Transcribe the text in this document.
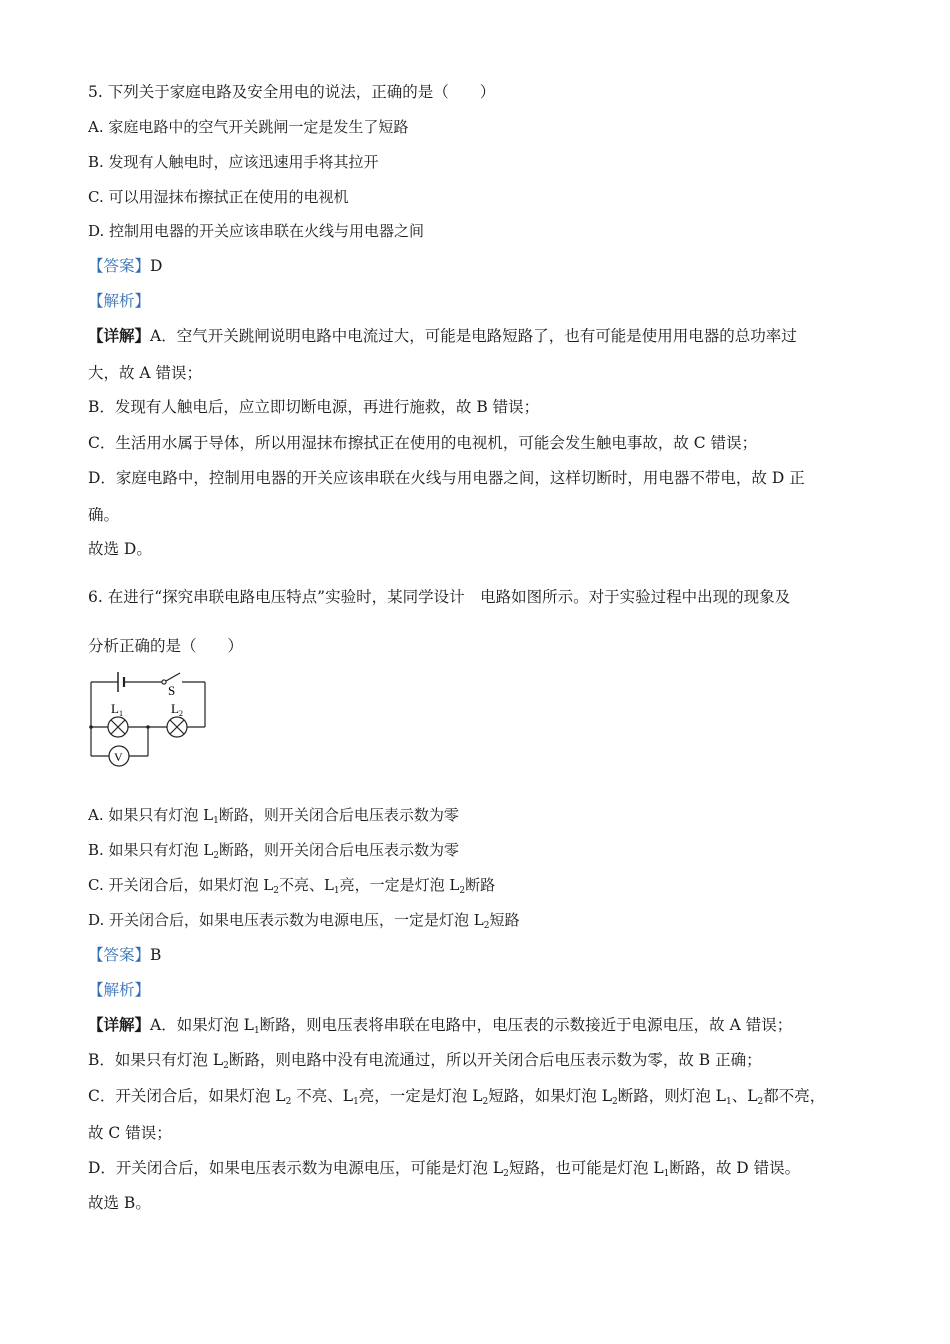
5. 下列关于家庭电路及安全用电的说法，正确的是（　　）
A. 家庭电路中的空气开关跳闸一定是发生了短路
B. 发现有人触电时，应该迅速用手将其拉开
C. 可以用湿抹布擦拭正在使用的电视机
D. 控制用电器的开关应该串联在火线与用电器之间
【答案】D
【解析】
【详解】A．空气开关跳闸说明电路中电流过大，可能是电路短路了，也有可能是使用用电器的总功率过
大，故 A 错误；
B．发现有人触电后，应立即切断电源，再进行施救，故 B 错误；
C．生活用水属于导体，所以用湿抹布擦拭正在使用的电视机，可能会发生触电事故，故 C 错误；
D．家庭电路中，控制用电器的开关应该串联在火线与用电器之间，这样切断时，用电器不带电，故 D 正
确。
故选 D。
6. 在进行“探究串联电路电压特点”实验时，某同学设计　电路如图所示。对于实验过程中出现的现象及
分析正确的是（　　）
S
$L_1$	$L_2$
V
A. 如果只有灯泡 $L_1$断路，则开关闭合后电压表示数为零
B. 如果只有灯泡 $L_2$断路，则开关闭合后电压表示数为零
C. 开关闭合后，如果灯泡 $L_2$不亮、$L_1$亮，一定是灯泡 $L_2$断路
D. 开关闭合后，如果电压表示数为电源电压，一定是灯泡 $L_2$短路
【答案】B
【解析】
【详解】A．如果灯泡 $L_1$断路，则电压表将串联在电路中，电压表的示数接近于电源电压，故 A 错误；
B．如果只有灯泡 $L_2$断路，则电路中没有电流通过，所以开关闭合后电压表示数为零，故 B 正确；
C．开关闭合后，如果灯泡 $L_2$ 不亮、$L_1$亮，一定是灯泡 $L_2$短路，如果灯泡 $L_2$断路，则灯泡 $L_1$、$L_2$都不亮，
故 C 错误；
D．开关闭合后，如果电压表示数为电源电压，可能是灯泡 $L_2$短路，也可能是灯泡 $L_1$断路，故 D 错误。
故选 B。
